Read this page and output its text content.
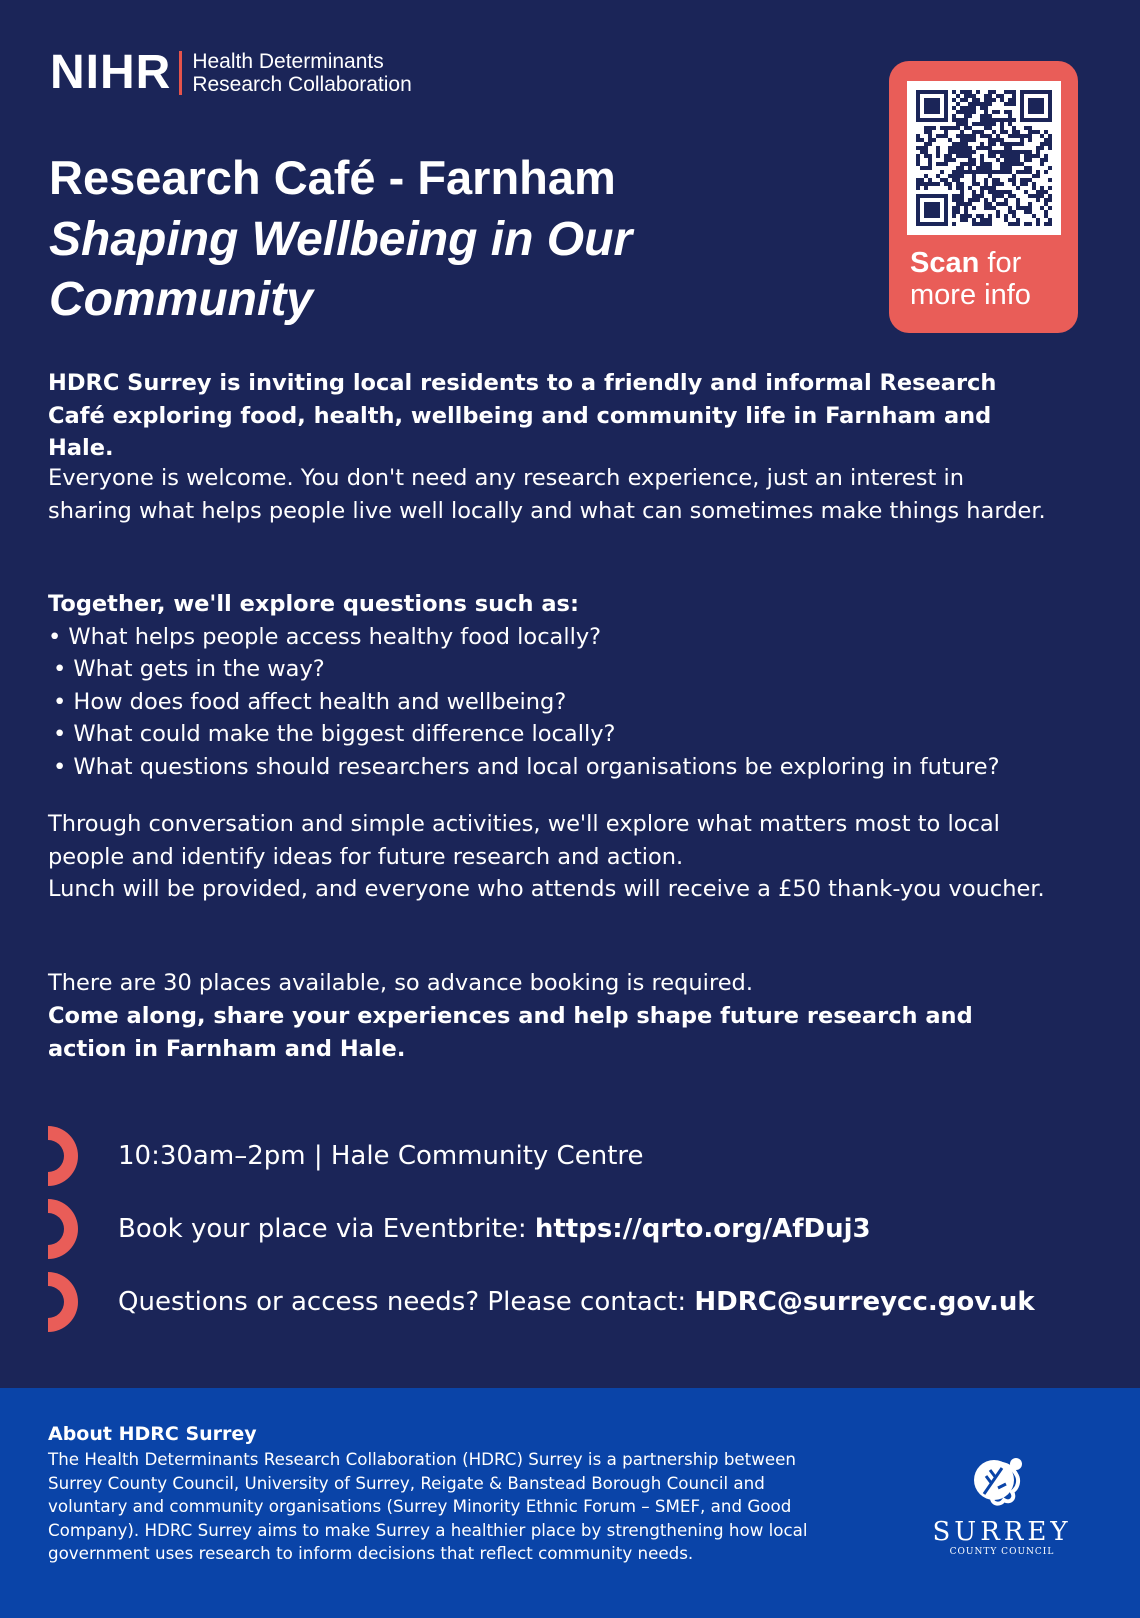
NIHR Health Determinants
Research Collaboration
Research Café - Farnham
Shaping Wellbeing in Our Community
Scan for
more info

HDRC Surrey is inviting local residents to a friendly and informal Research Café exploring food, health, wellbeing and community life in Farnham and Hale.

Everyone is welcome. You don't need any research experience, just an interest in sharing what helps people live well locally and what can sometimes make things harder.

Together, we'll explore questions such as:
• What helps people access healthy food locally?
• What gets in the way?
• How does food affect health and wellbeing?
• What could make the biggest difference locally?
• What questions should researchers and local organisations be exploring in future?

Through conversation and simple activities, we'll explore what matters most to local people and identify ideas for future research and action.

Lunch will be provided, and everyone who attends will receive a £50 thank-you voucher.

There are 30 places available, so advance booking is required.

Come along, share your experiences and help shape future research and action in Farnham and Hale.

10:30am–2pm | Hale Community Centre
Book your place via Eventbrite: https://qrto.org/AfDuj3
Questions or access needs? Please contact: HDRC@surreycc.gov.uk
About HDRC Surrey

The Health Determinants Research Collaboration (HDRC) Surrey is a partnership between Surrey County Council, University of Surrey, Reigate & Banstead Borough Council and voluntary and community organisations (Surrey Minority Ethnic Forum – SMEF, and Good Company). HDRC Surrey aims to make Surrey a healthier place by strengthening how local government uses research to inform decisions that reflect community needs.

SURREY
COUNTY COUNCIL
